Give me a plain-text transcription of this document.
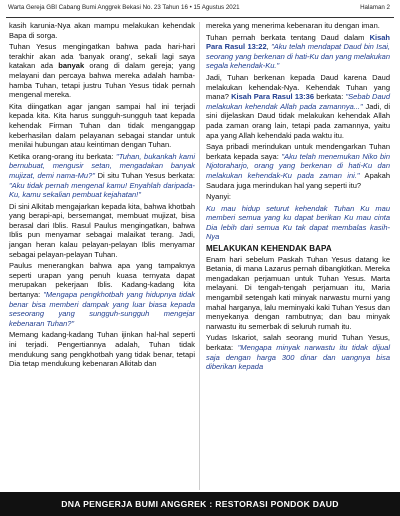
Warta Gereja GBI Cabang Bumi Anggrek Bekasi No. 23 Tahun 16 • 15 Agustus 2021	Halaman 2

kasih karunia-Nya akan mampu melakukan kehendak Bapa di sorga.

Tuhan Yesus mengingatkan bahwa pada hari-hari terakhir akan ada 'banyak orang', sekali lagi saya katakan ada banyak orang di dalam gereja; yang melayani dan percaya bahwa mereka adalah hamba-hamba Tuhan, tetapi justru Tuhan Yesus tidak pernah mengenal mereka.

Kita diingatkan agar jangan sampai hal ini terjadi kepada kita. Kita harus sungguh-sungguh taat kepada kehendak Firman Tuhan dan tidak menganggap keberhasilan dalam pelayanan sebagai standar untuk menilai hubungan atau keintiman dengan Tuhan.

Ketika orang-orang itu berkata: "Tuhan, bukankah kami bernubuat, mengusir setan, mengadakan banyak mujizat, demi nama-Mu?" Di situ Tuhan Yesus berkata: "Aku tidak pernah mengenal kamu! Enyahlah daripada-Ku, kamu sekalian pembuat kejahatan!"

Di sini Alkitab mengajarkan kepada kita, bahwa khotbah yang berapi-api, bersemangat, membuat mujizat, bisa berasal dari Iblis. Rasul Paulus mengingatkan, bahwa Iblis pun menyamar sebagai malaikat terang. Jadi, jangan heran kalau pelayan-pelayan Iblis menyamar sebagai pelayan-pelayan Tuhan.

Paulus menerangkan bahwa apa yang tampaknya seperti urapan yang penuh kuasa ternyata dapat merupakan pekerjaan Iblis. Kadang-kadang kita bertanya: "Mengapa pengkhotbah yang hidupnya tidak benar bisa memberi dampak yang luar biasa kepada seseorang yang sungguh-sungguh mengejar kebenaran Tuhan?"

Memang kadang-kadang Tuhan ijinkan hal-hal seperti ini terjadi. Pengertiannya adalah, Tuhan tidak mendukung sang pengkhotbah yang tidak benar, tetapi Dia tetap mendukung kebenaran Alkitab dan

mereka yang menerima kebenaran itu dengan iman.

Tuhan pernah berkata tentang Daud dalam Kisah Para Rasul 13:22, "Aku telah mendapat Daud bin Isai, seorang yang berkenan di hati-Ku dan yang melakukan segala kehendak-Ku."

Jadi, Tuhan berkenan kepada Daud karena Daud melakukan kehendak-Nya. Kehendak Tuhan yang mana? Kisah Para Rasul 13:36 berkata: "Sebab Daud melakukan kehendak Allah pada zamannya..." Jadi, di sini dijelaskan Daud tidak melakukan kehendak Allah pada zaman orang lain, tetapi pada zamannya, yaitu apa yang Allah kehendaki pada waktu itu.

Saya pribadi merindukan untuk mendengarkan Tuhan berkata kepada saya: "Aku telah menemukan Niko bin Njotoraharjo, orang yang berkenan di hati-Ku dan melakukan kehendak-Ku pada zaman ini." Apakah Saudara juga merindukan hal yang seperti itu?

Nyanyi:

Ku mau hidup seturut kehendak Tuhan Ku mau memberi semua yang ku dapat berikan Ku mau cinta Dia lebih dari semua Ku tak dapat membalas kasih-Nya

MELAKUKAN KEHENDAK BAPA

Enam hari sebelum Paskah Tuhan Yesus datang ke Betania, di mana Lazarus pernah dibangkitkan. Mereka mengadakan perjamuan untuk Tuhan Yesus. Marta melayani. Di tengah-tengah perjamuan itu, Maria mengambil setengah kati minyak narwastu murni yang mahal harganya, lalu meminyaki kaki Tuhan Yesus dan menyekanya dengan rambutnya; dan bau minyak narwastu itu semerbak di seluruh rumah itu.

Yudas Iskariot, salah seorang murid Tuhan Yesus, berkata: "Mengapa minyak narwastu itu tidak dijual saja dengan harga 300 dinar dan uangnya bisa diberikan kepada

DNA PENGERJA BUMI ANGGREK : RESTORASI PONDOK DAUD
